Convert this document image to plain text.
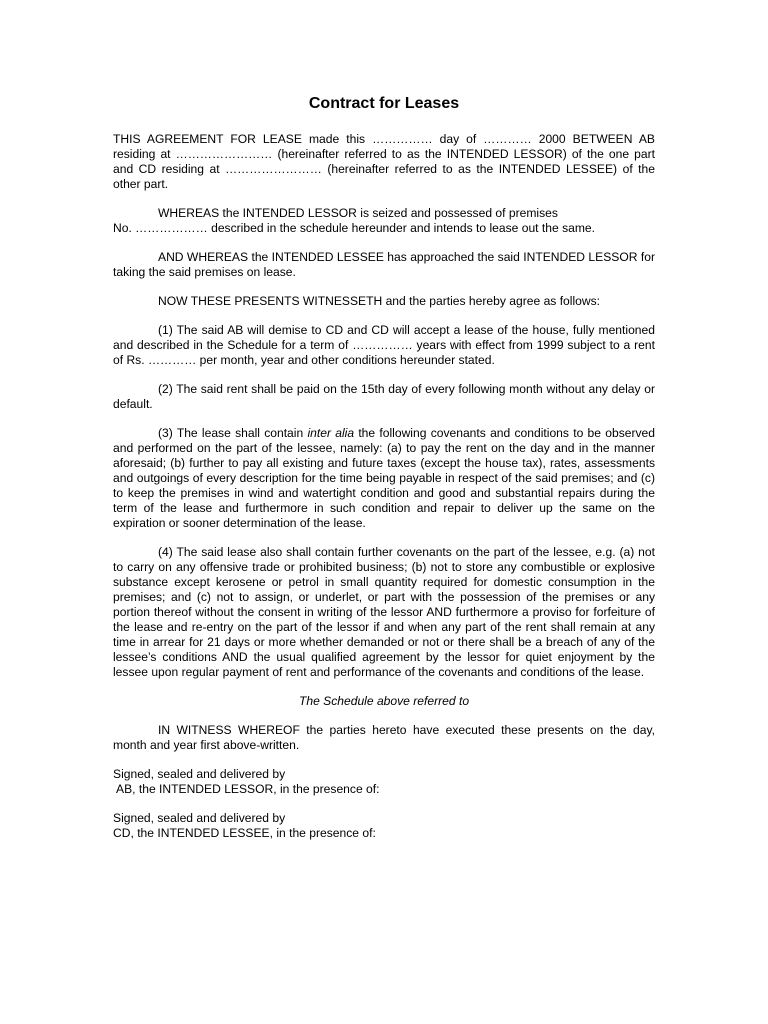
Contract for Leases

THIS AGREEMENT FOR LEASE made this …………… day of ………… 2000 BETWEEN AB residing at …………………… (hereinafter referred to as the INTENDED LESSOR) of the one part and CD residing at …………………… (hereinafter referred to as the INTENDED LESSEE) of the other part.

WHEREAS the INTENDED LESSOR is seized and possessed of premises
No. ……………… described in the schedule hereunder and intends to lease out the same.

AND WHEREAS the INTENDED LESSEE has approached the said INTENDED LESSOR for taking the said premises on lease.

NOW THESE PRESENTS WITNESSETH and the parties hereby agree as follows:

(1) The said AB will demise to CD and CD will accept a lease of the house, fully mentioned and described in the Schedule for a term of …………… years with effect from 1999 subject to a rent of Rs. ………… per month, year and other conditions hereunder stated.

(2) The said rent shall be paid on the 15th day of every following month without any delay or default.

(3) The lease shall contain inter alia the following covenants and conditions to be observed and performed on the part of the lessee, namely: (a) to pay the rent on the day and in the manner aforesaid; (b) further to pay all existing and future taxes (except the house tax), rates, assessments and outgoings of every description for the time being payable in respect of the said premises; and (c) to keep the premises in wind and watertight condition and good and substantial repairs during the term of the lease and furthermore in such condition and repair to deliver up the same on the expiration or sooner determination of the lease.

(4) The said lease also shall contain further covenants on the part of the lessee, e.g. (a) not to carry on any offensive trade or prohibited business; (b) not to store any combustible or explosive substance except kerosene or petrol in small quantity required for domestic consumption in the premises; and (c) not to assign, or underlet, or part with the possession of the premises or any portion thereof without the consent in writing of the lessor AND furthermore a proviso for forfeiture of the lease and re-entry on the part of the lessor if and when any part of the rent shall remain at any time in arrear for 21 days or more whether demanded or not or there shall be a breach of any of the lessee’s conditions AND the usual qualified agreement by the lessor for quiet enjoyment by the lessee upon regular payment of rent and performance of the covenants and conditions of the lease.

The Schedule above referred to

IN WITNESS WHEREOF the parties hereto have executed these presents on the day, month and year first above-written.

Signed, sealed and delivered by
AB, the INTENDED LESSOR, in the presence of:
Signed, sealed and delivered by
CD, the INTENDED LESSEE, in the presence of:
